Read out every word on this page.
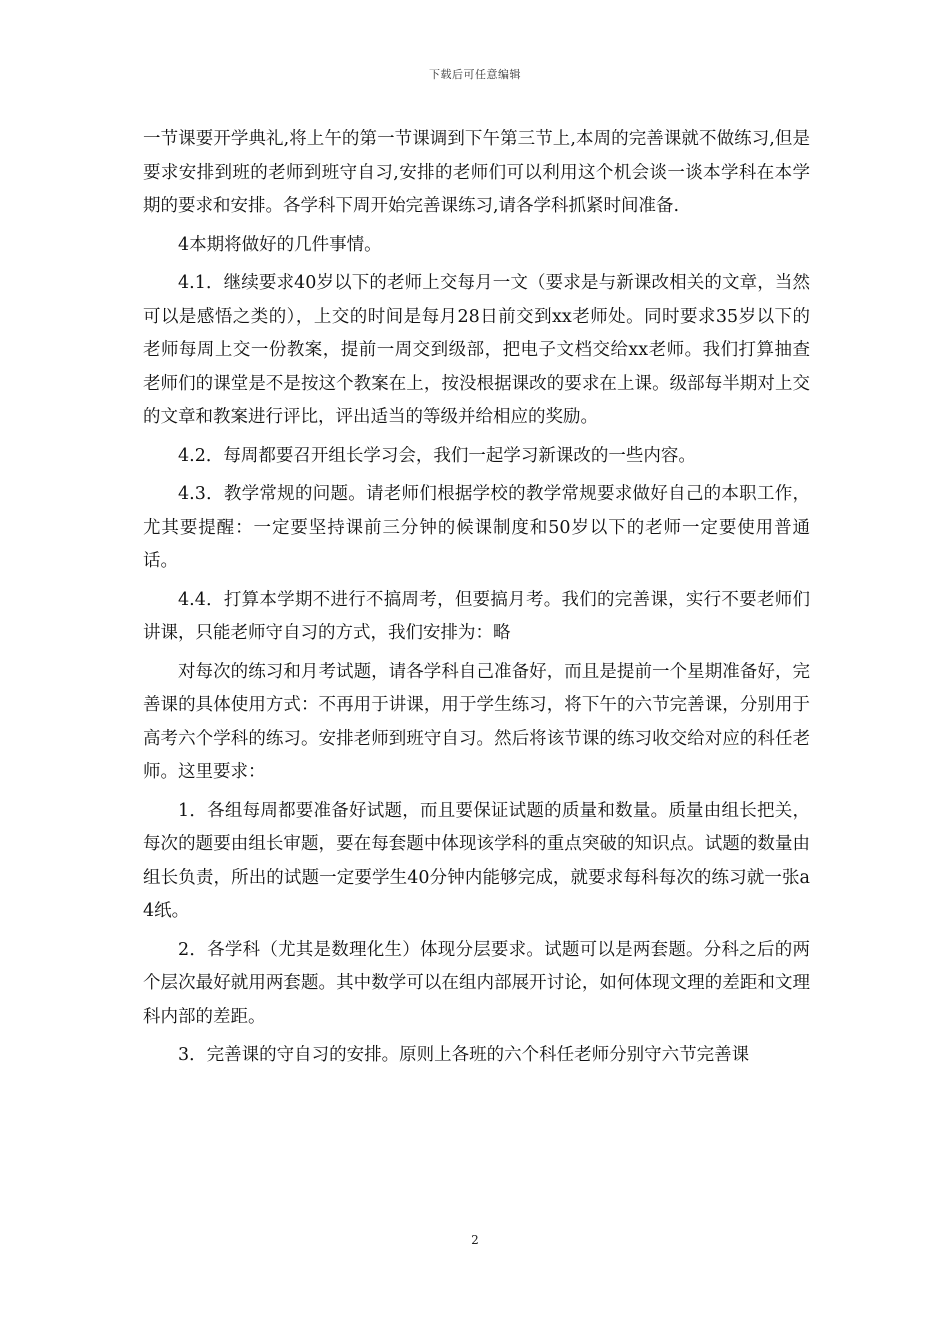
下载后可任意编辑

一节课要开学典礼,将上午的第一节课调到下午第三节上,本周的完善课就不做练习,但是要求安排到班的老师到班守自习,安排的老师们可以利用这个机会谈一谈本学科在本学期的要求和安排。各学科下周开始完善课练习,请各学科抓紧时间准备.

4本期将做好的几件事情。

4.1．继续要求40岁以下的老师上交每月一文（要求是与新课改相关的文章，当然可以是感悟之类的），上交的时间是每月28日前交到xx老师处。同时要求35岁以下的老师每周上交一份教案，提前一周交到级部，把电子文档交给xx老师。我们打算抽查老师们的课堂是不是按这个教案在上，按没根据课改的要求在上课。级部每半期对上交的文章和教案进行评比，评出适当的等级并给相应的奖励。

4.2．每周都要召开组长学习会，我们一起学习新课改的一些内容。

4.3．教学常规的问题。请老师们根据学校的教学常规要求做好自己的本职工作，尤其要提醒：一定要坚持课前三分钟的候课制度和50岁以下的老师一定要使用普通话。

4.4．打算本学期不进行不搞周考，但要搞月考。我们的完善课，实行不要老师们讲课，只能老师守自习的方式，我们安排为：略

对每次的练习和月考试题，请各学科自己准备好，而且是提前一个星期准备好，完善课的具体使用方式：不再用于讲课，用于学生练习，将下午的六节完善课，分别用于高考六个学科的练习。安排老师到班守自习。然后将该节课的练习收交给对应的科任老师。这里要求：

1．各组每周都要准备好试题，而且要保证试题的质量和数量。质量由组长把关，每次的题要由组长审题，要在每套题中体现该学科的重点突破的知识点。试题的数量由组长负责，所出的试题一定要学生40分钟内能够完成，就要求每科每次的练习就一张a4纸。

2．各学科（尤其是数理化生）体现分层要求。试题可以是两套题。分科之后的两个层次最好就用两套题。其中数学可以在组内部展开讨论，如何体现文理的差距和文理科内部的差距。

3．完善课的守自习的安排。原则上各班的六个科任老师分别守六节完善课

2
